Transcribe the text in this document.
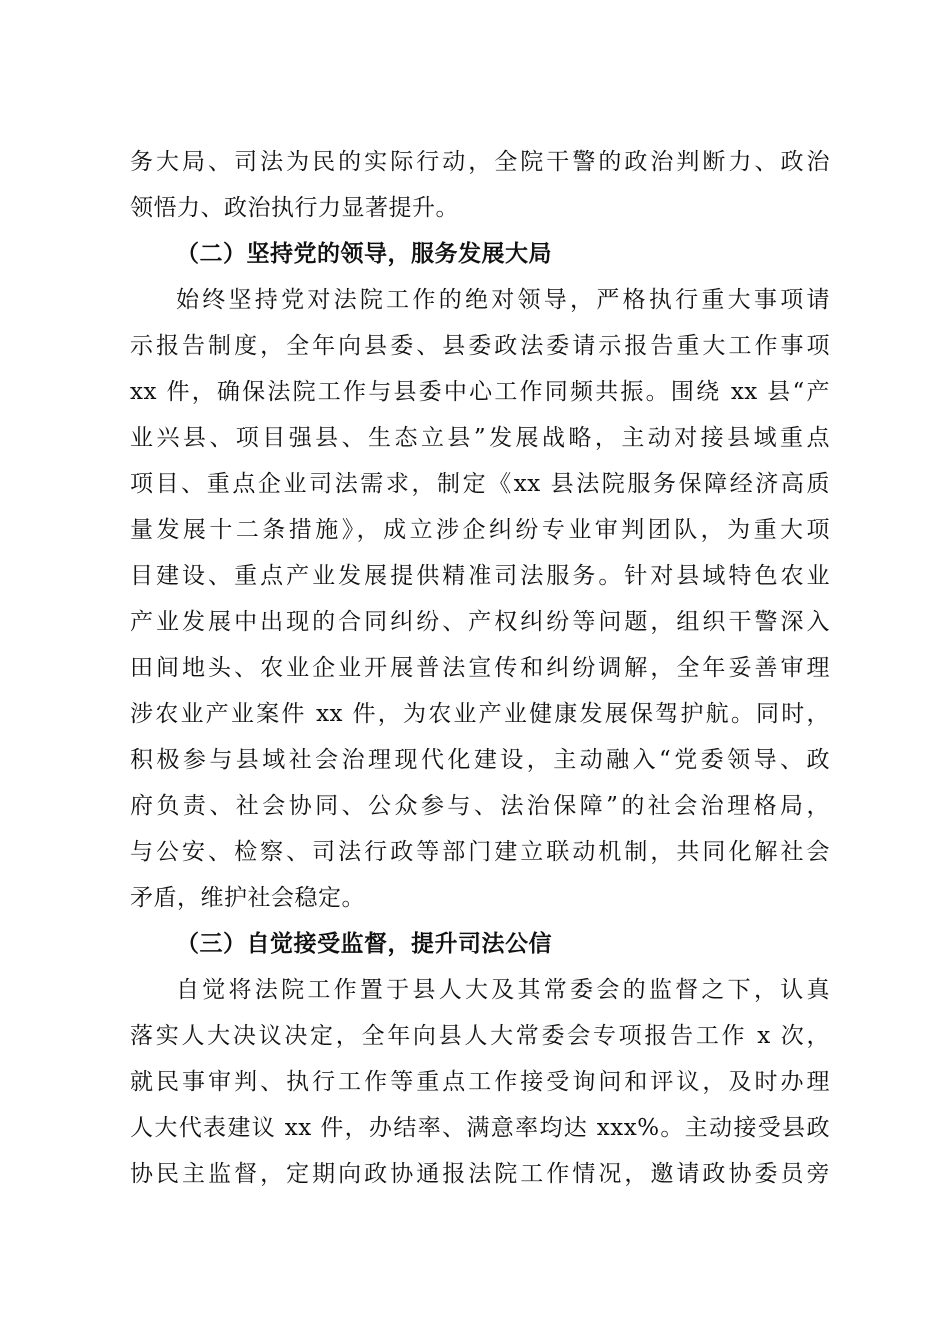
务大局、司法为民的实际行动，全院干警的政治判断力、政治
领悟力、政治执行力显著提升。
（二）坚持党的领导，服务发展大局
始终坚持党对法院工作的绝对领导，严格执行重大事项请
示报告制度，全年向县委、县委政法委请示报告重大工作事项
xx 件，确保法院工作与县委中心工作同频共振。围绕 xx 县“产
业兴县、项目强县、生态立县”发展战略，主动对接县域重点
项目、重点企业司法需求，制定《xx 县法院服务保障经济高质
量发展十二条措施》，成立涉企纠纷专业审判团队，为重大项
目建设、重点产业发展提供精准司法服务。针对县域特色农业
产业发展中出现的合同纠纷、产权纠纷等问题，组织干警深入
田间地头、农业企业开展普法宣传和纠纷调解，全年妥善审理
涉农业产业案件 xx 件，为农业产业健康发展保驾护航。同时，
积极参与县域社会治理现代化建设，主动融入“党委领导、政
府负责、社会协同、公众参与、法治保障”的社会治理格局，
与公安、检察、司法行政等部门建立联动机制，共同化解社会
矛盾，维护社会稳定。
（三）自觉接受监督，提升司法公信
自觉将法院工作置于县人大及其常委会的监督之下，认真
落实人大决议决定，全年向县人大常委会专项报告工作 x 次，
就民事审判、执行工作等重点工作接受询问和评议，及时办理
人大代表建议 xx 件，办结率、满意率均达 xxx%。主动接受县政
协民主监督，定期向政协通报法院工作情况，邀请政协委员旁
